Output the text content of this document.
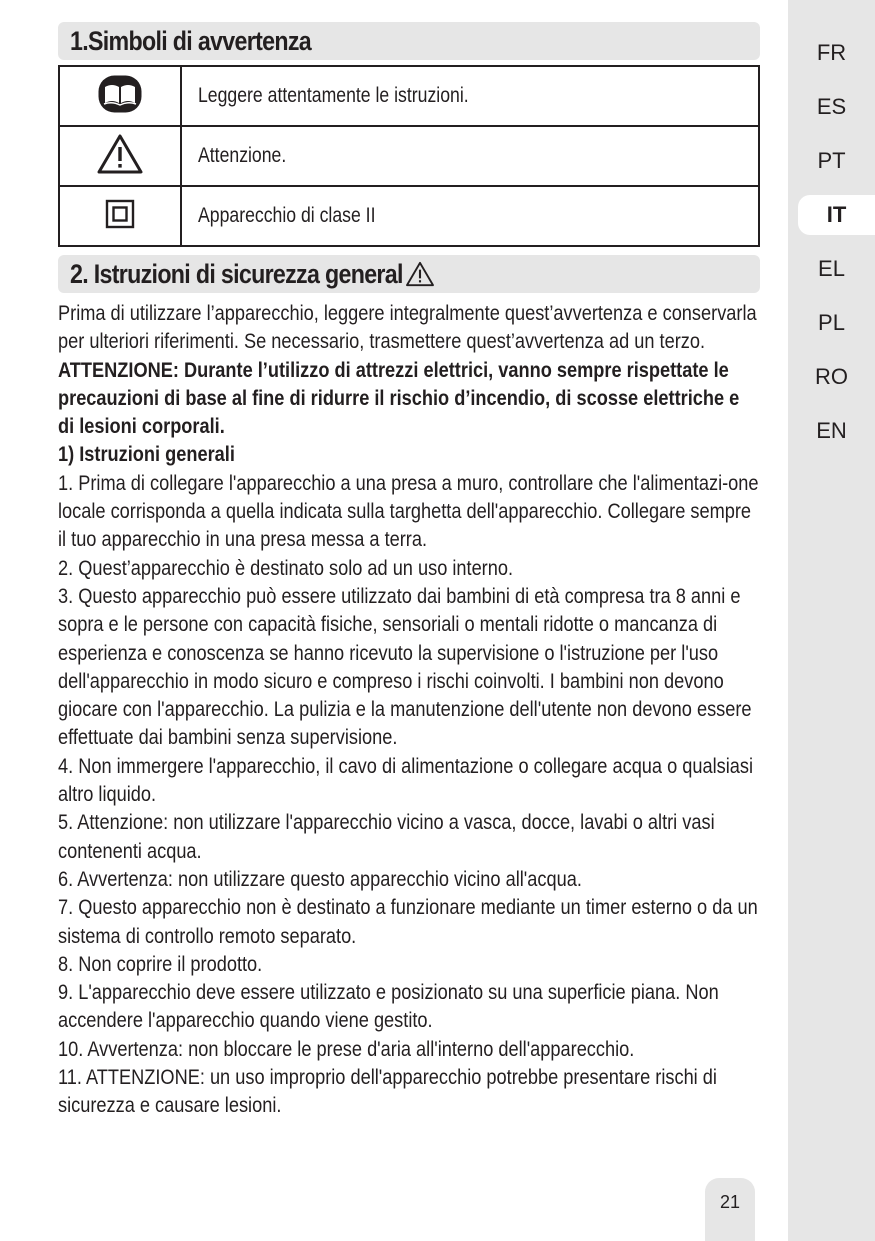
1.Simboli di avvertenza
	Leggere attentamente le istruzioni.
	Attenzione.
	Apparecchio di clase II
2. Istruzioni di sicurezza general

Prima di utilizzare l’apparecchio, leggere integralmente quest’avvertenza e conservarla per ulteriori riferimenti. Se necessario, trasmettere quest’avvertenza ad un terzo.

ATTENZIONE: Durante l’utilizzo di attrezzi elettrici, vanno sempre rispettate le precauzioni di base al fine di ridurre il rischio d’incendio, di scosse elettriche e di lesioni corporali.

1) Istruzioni generali

1. Prima di collegare l'apparecchio a una presa a muro, controllare che l'alimentazi-one locale corrisponda a quella indicata sulla targhetta dell'apparecchio. Collegare sempre il tuo apparecchio in una presa messa a terra.

2. Quest’apparecchio è destinato solo ad un uso interno.

3. Questo apparecchio può essere utilizzato dai bambini di età compresa tra 8 anni e sopra e le persone con capacità fisiche, sensoriali o mentali ridotte o mancanza di esperienza e conoscenza se hanno ricevuto la supervisione o l'istruzione per l'uso dell'apparecchio in modo sicuro e compreso i rischi coinvolti. I bambini non devono giocare con l'apparecchio. La pulizia e la manutenzione dell'utente non devono essere effettuate dai bambini senza supervisione.

4. Non immergere l'apparecchio, il cavo di alimentazione o collegare acqua o qualsiasi altro liquido.

5. Attenzione: non utilizzare l'apparecchio vicino a vasca, docce, lavabi o altri vasi contenenti acqua.

6. Avvertenza: non utilizzare questo apparecchio vicino all'acqua.

7. Questo apparecchio non è destinato a funzionare mediante un timer esterno o da un sistema di controllo remoto separato.

8. Non coprire il prodotto.

9. L'apparecchio deve essere utilizzato e posizionato su una superficie piana. Non accendere l'apparecchio quando viene gestito.

10. Avvertenza: non bloccare le prese d'aria all'interno dell'apparecchio.

11. ATTENZIONE: un uso improprio dell'apparecchio potrebbe presentare rischi di sicurezza e causare lesioni.

FR
ES
PT
IT
EL
PL
RO
EN
21
